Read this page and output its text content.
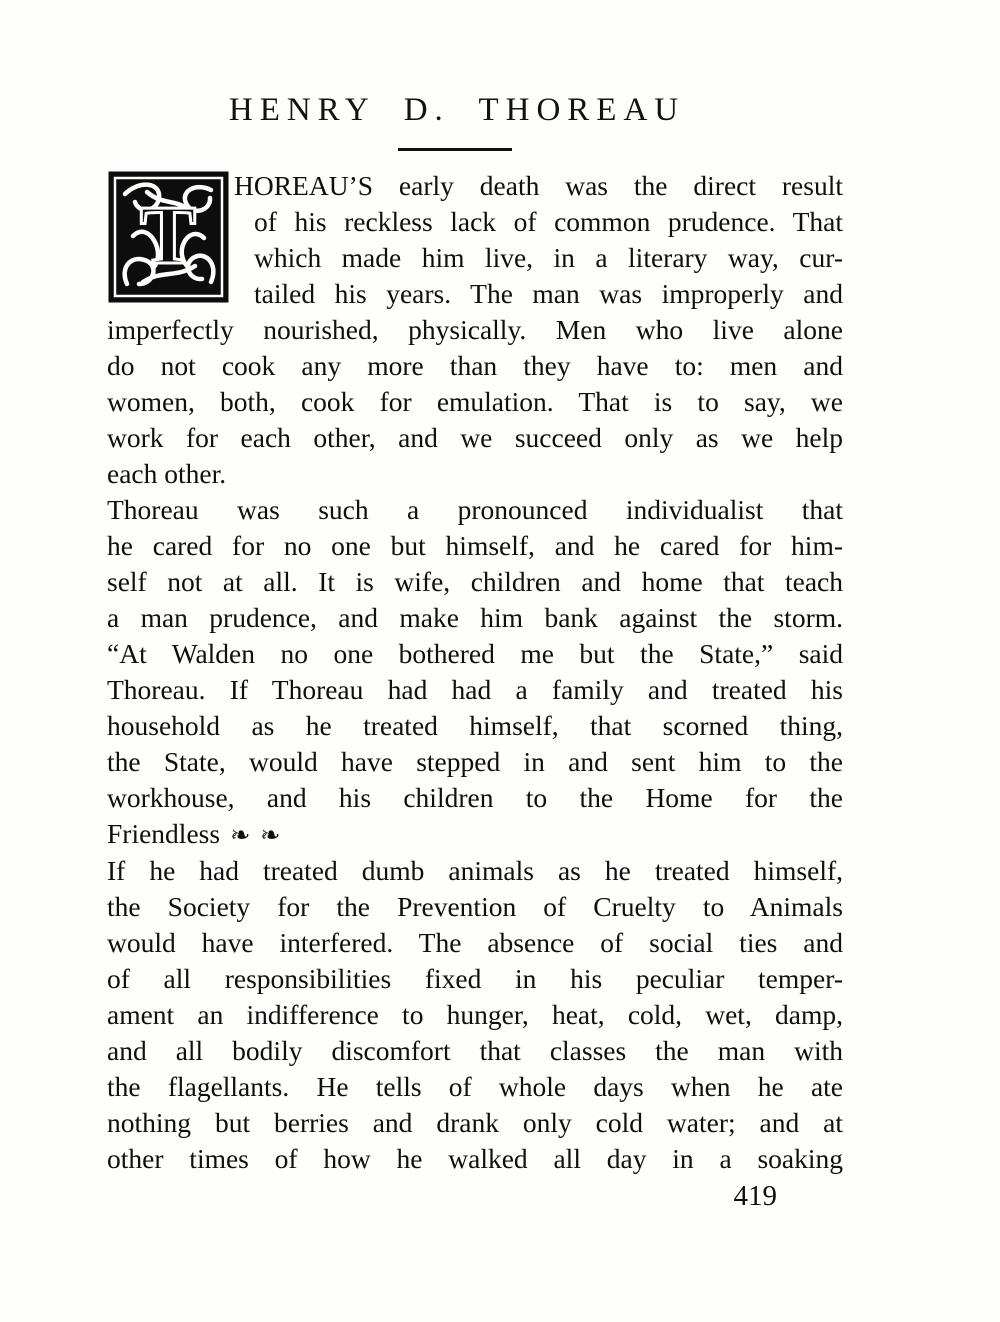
HENRY D. THOREAU
T
HOREAU’S early death was the direct result
of his reckless lack of common prudence. That
which made him live, in a literary way, cur-
tailed his years. The man was improperly and
imperfectly nourished, physically. Men who live alone
do not cook any more than they have to: men and
women, both, cook for emulation. That is to say, we
work for each other, and we succeed only as we help
each other.
Thoreau was such a pronounced individualist that
he cared for no one but himself, and he cared for him-
self not at all. It is wife, children and home that teach
a man prudence, and make him bank against the storm.
“At Walden no one bothered me but the State,” said
Thoreau. If Thoreau had had a family and treated his
household as he treated himself, that scorned thing,
the State, would have stepped in and sent him to the
workhouse, and his children to the Home for the
Friendless ❧ ❧
If he had treated dumb animals as he treated himself,
the Society for the Prevention of Cruelty to Animals
would have interfered. The absence of social ties and
of all responsibilities fixed in his peculiar temper-
ament an indifference to hunger, heat, cold, wet, damp,
and all bodily discomfort that classes the man with
the flagellants. He tells of whole days when he ate
nothing but berries and drank only cold water; and at
other times of how he walked all day in a soaking
419
